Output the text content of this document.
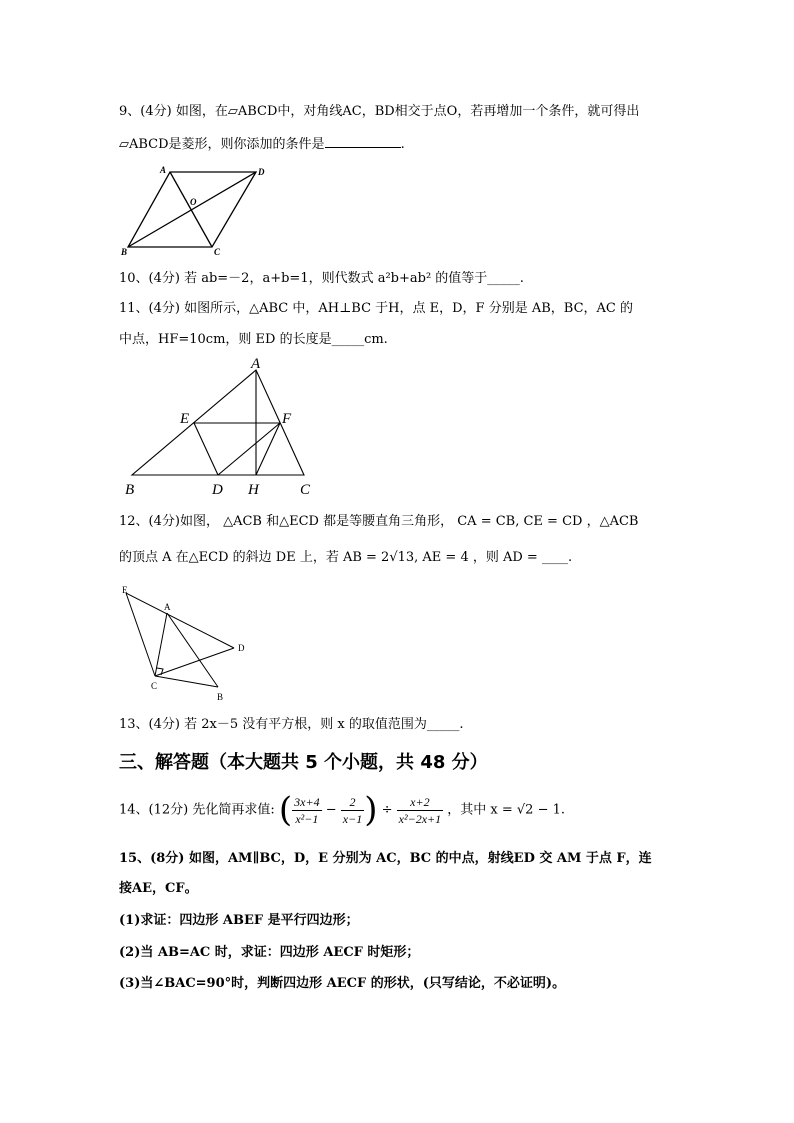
9、(4分) 如图，在▱ABCD中，对角线AC，BD相交于点O，若再增加一个条件，就可得出
▱ABCD是菱形，则你添加的条件是	.
A	D
O
B	C
10、(4分) 若 ab=－2，a+b=1，则代数式 a²b+ab² 的值等于_____.
11、(4分) 如图所示，△ABC 中，AH⊥BC 于H，点 E，D，F 分别是 AB，BC，AC 的
中点，HF=10cm，则 ED 的长度是_____cm.
A
E	F
B	D H	C
12、(4分)如图， △ACB 和△ECD 都是等腰直角三角形， CA = CB, CE = CD ，△ACB
的顶点 A 在△ECD 的斜边 DE 上，若 AB = 2√13, AE = 4 ，则 AD = ____.
E
A
D
C
B
13、(4分) 若 2x－5 没有平方根，则 x 的取值范围为_____.
三、解答题（本大题共 5 个小题，共 48 分）
14、(12分) 先化简再求值: ( $\frac{3x+4}{\text{x²−1}} - \frac{2}{x-1}$ ) ÷ $\frac{x+2}{\text{x²−2x+1}}$ ，其中 x = √2 − 1.
15、(8分) 如图，AM∥BC，D，E 分别为 AC，BC 的中点，射线ED 交 AM 于点 F，连
接AE，CF。
(1)求证：四边形 ABEF 是平行四边形；
(2)当 AB=AC 时，求证：四边形 AECF 时矩形；
(3)当∠BAC=90°时，判断四边形 AECF 的形状，(只写结论，不必证明)。
